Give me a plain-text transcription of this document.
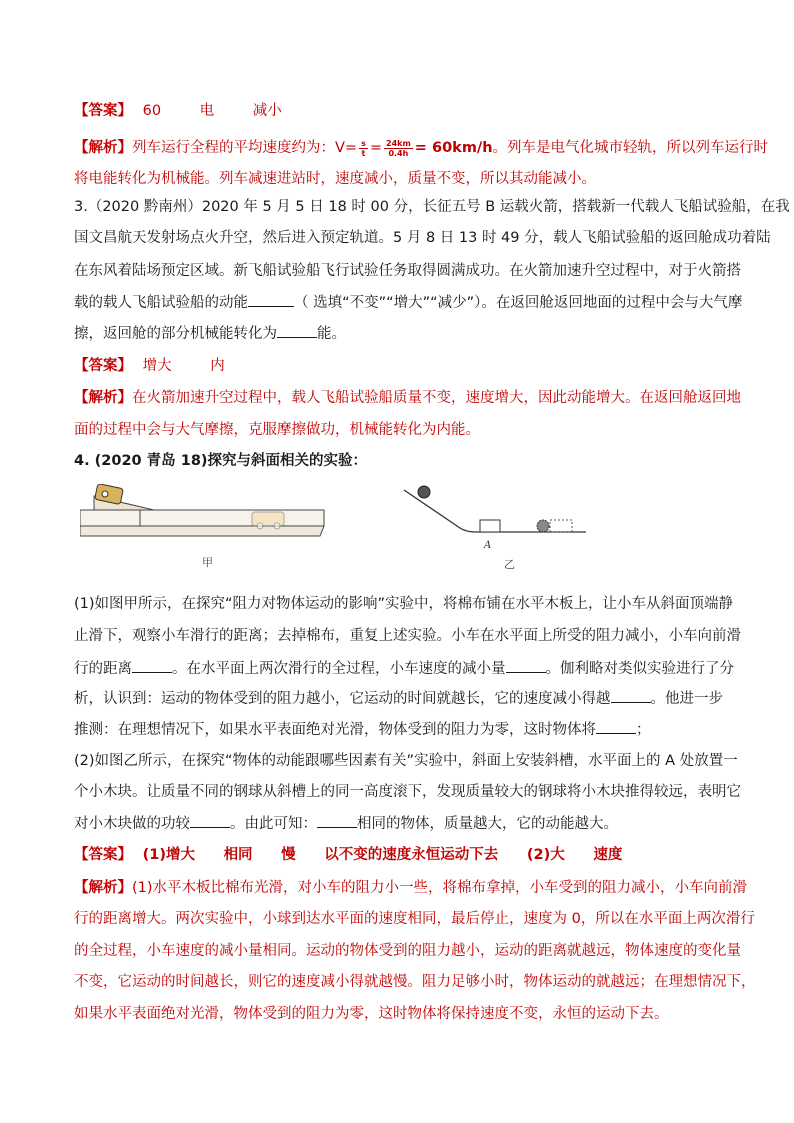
【答案】 60	电	减小
【解析】列车运行全程的平均速度约为：$V= \frac{s}{t} = \frac{24km}{0.4h} = 60km/h$。列车是电气化城市轻轨，所以列车运行时
将电能转化为机械能。列车减速进站时，速度减小，质量不变，所以其动能减小。
3.（2020 黔南州）2020 年 5 月 5 日 18 时 00 分，长征五号 B 运载火箭，搭载新一代载人飞船试验船，在我
国文昌航天发射场点火升空，然后进入预定轨道。5 月 8 日 13 时 49 分，载人飞船试验船的返回舱成功着陆
在东风着陆场预定区域。新飞船试验船飞行试验任务取得圆满成功。在火箭加速升空过程中，对于火箭搭
载的载人飞船试验船的动能	（ 选填“不变”“增大”“减少”）。在返回舱返回地面的过程中会与大气摩
擦，返回舱的部分机械能转化为	能。
【答案】 增大	内
【解析】在火箭加速升空过程中，载人飞船试验船质量不变，速度增大，因此动能增大。在返回舱返回地
面的过程中会与大气摩擦，克服摩擦做功，机械能转化为内能。
4. (2020 青岛 18)探究与斜面相关的实验：
甲
A
乙
(1)如图甲所示，在探究“阻力对物体运动的影响”实验中，将棉布铺在水平木板上，让小车从斜面顶端静
止滑下，观察小车滑行的距离；去掉棉布，重复上述实验。小车在水平面上所受的阻力减小，小车向前滑
行的距离	。在水平面上两次滑行的全过程，小车速度的减小量	。伽利略对类似实验进行了分
析，认识到：运动的物体受到的阻力越小，它运动的时间就越长，它的速度减小得越	。他进一步
推测：在理想情况下，如果水平表面绝对光滑，物体受到的阻力为零，这时物体将	；
(2)如图乙所示，在探究“物体的动能跟哪些因素有关”实验中，斜面上安装斜槽，水平面上的 A 处放置一
个小木块。让质量不同的钢球从斜槽上的同一高度滚下，发现质量较大的钢球将小木块推得较远，表明它
对小木块做的功较	。由此可知：	相同的物体，质量越大，它的动能越大。
【答案】 (1)增大 相同 慢 以不变的速度永恒运动下去 (2)大 速度
【解析】(1)水平木板比棉布光滑，对小车的阻力小一些，将棉布拿掉，小车受到的阻力减小，小车向前滑
行的距离增大。两次实验中，小球到达水平面的速度相同，最后停止，速度为 0，所以在水平面上两次滑行
的全过程，小车速度的减小量相同。运动的物体受到的阻力越小，运动的距离就越远，物体速度的变化量
不变，它运动的时间越长，则它的速度减小得就越慢。阻力足够小时，物体运动的就越远；在理想情况下，
如果水平表面绝对光滑，物体受到的阻力为零，这时物体将保持速度不变，永恒的运动下去。
